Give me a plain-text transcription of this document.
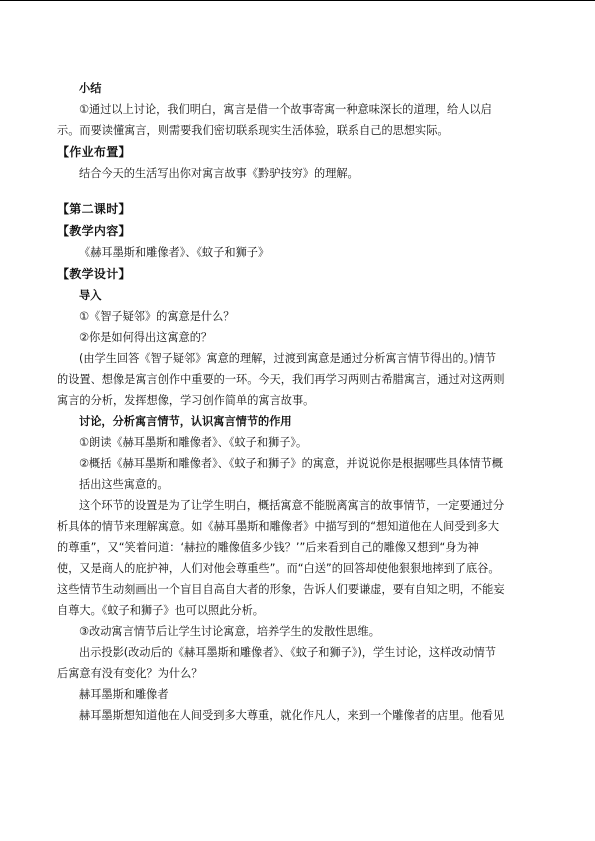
小结

①通过以上讨论，我们明白，寓言是借一个故事寄寓一种意味深长的道理，给人以启

示。而要读懂寓言，则需要我们密切联系现实生活体验，联系自己的思想实际。

【作业布置】

结合今天的生活写出你对寓言故事《黔驴技穷》的理解。

【第二课时】

【教学内容】

《赫耳墨斯和雕像者》、《蚊子和狮子》

【教学设计】

导入

①《智子疑邻》的寓意是什么？

②你是如何得出这寓意的？

(由学生回答《智子疑邻》寓意的理解，过渡到寓意是通过分析寓言情节得出的。)情节

的设置、想像是寓言创作中重要的一环。今天，我们再学习两则古希腊寓言，通过对这两则

寓言的分析，发挥想像，学习创作简单的寓言故事。

讨论，分析寓言情节，认识寓言情节的作用

①朗读《赫耳墨斯和雕像者》、《蚊子和狮子》。

②概括《赫耳墨斯和雕像者》、《蚊子和狮子》的寓意，并说说你是根据哪些具体情节概

括出这些寓意的。

这个环节的设置是为了让学生明白，概括寓意不能脱离寓言的故事情节，一定要通过分

析具体的情节来理解寓意。如《赫耳墨斯和雕像者》中描写到的“想知道他在人间受到多大

的尊重”，又“笑着问道：‘赫拉的雕像值多少钱？’”后来看到自己的雕像又想到“身为神

使，又是商人的庇护神，人们对他会尊重些”。而“白送”的回答却使他狠狠地摔到了底谷。

这些情节生动刻画出一个盲目自高自大者的形象，告诉人们要谦虚，要有自知之明，不能妄

自尊大。《蚊子和狮子》也可以照此分析。

③改动寓言情节后让学生讨论寓意，培养学生的发散性思维。

出示投影(改动后的《赫耳墨斯和雕像者》、《蚊子和狮子》)，学生讨论，这样改动情节

后寓意有没有变化？为什么？

赫耳墨斯和雕像者

赫耳墨斯想知道他在人间受到多大尊重，就化作凡人，来到一个雕像者的店里。他看见
